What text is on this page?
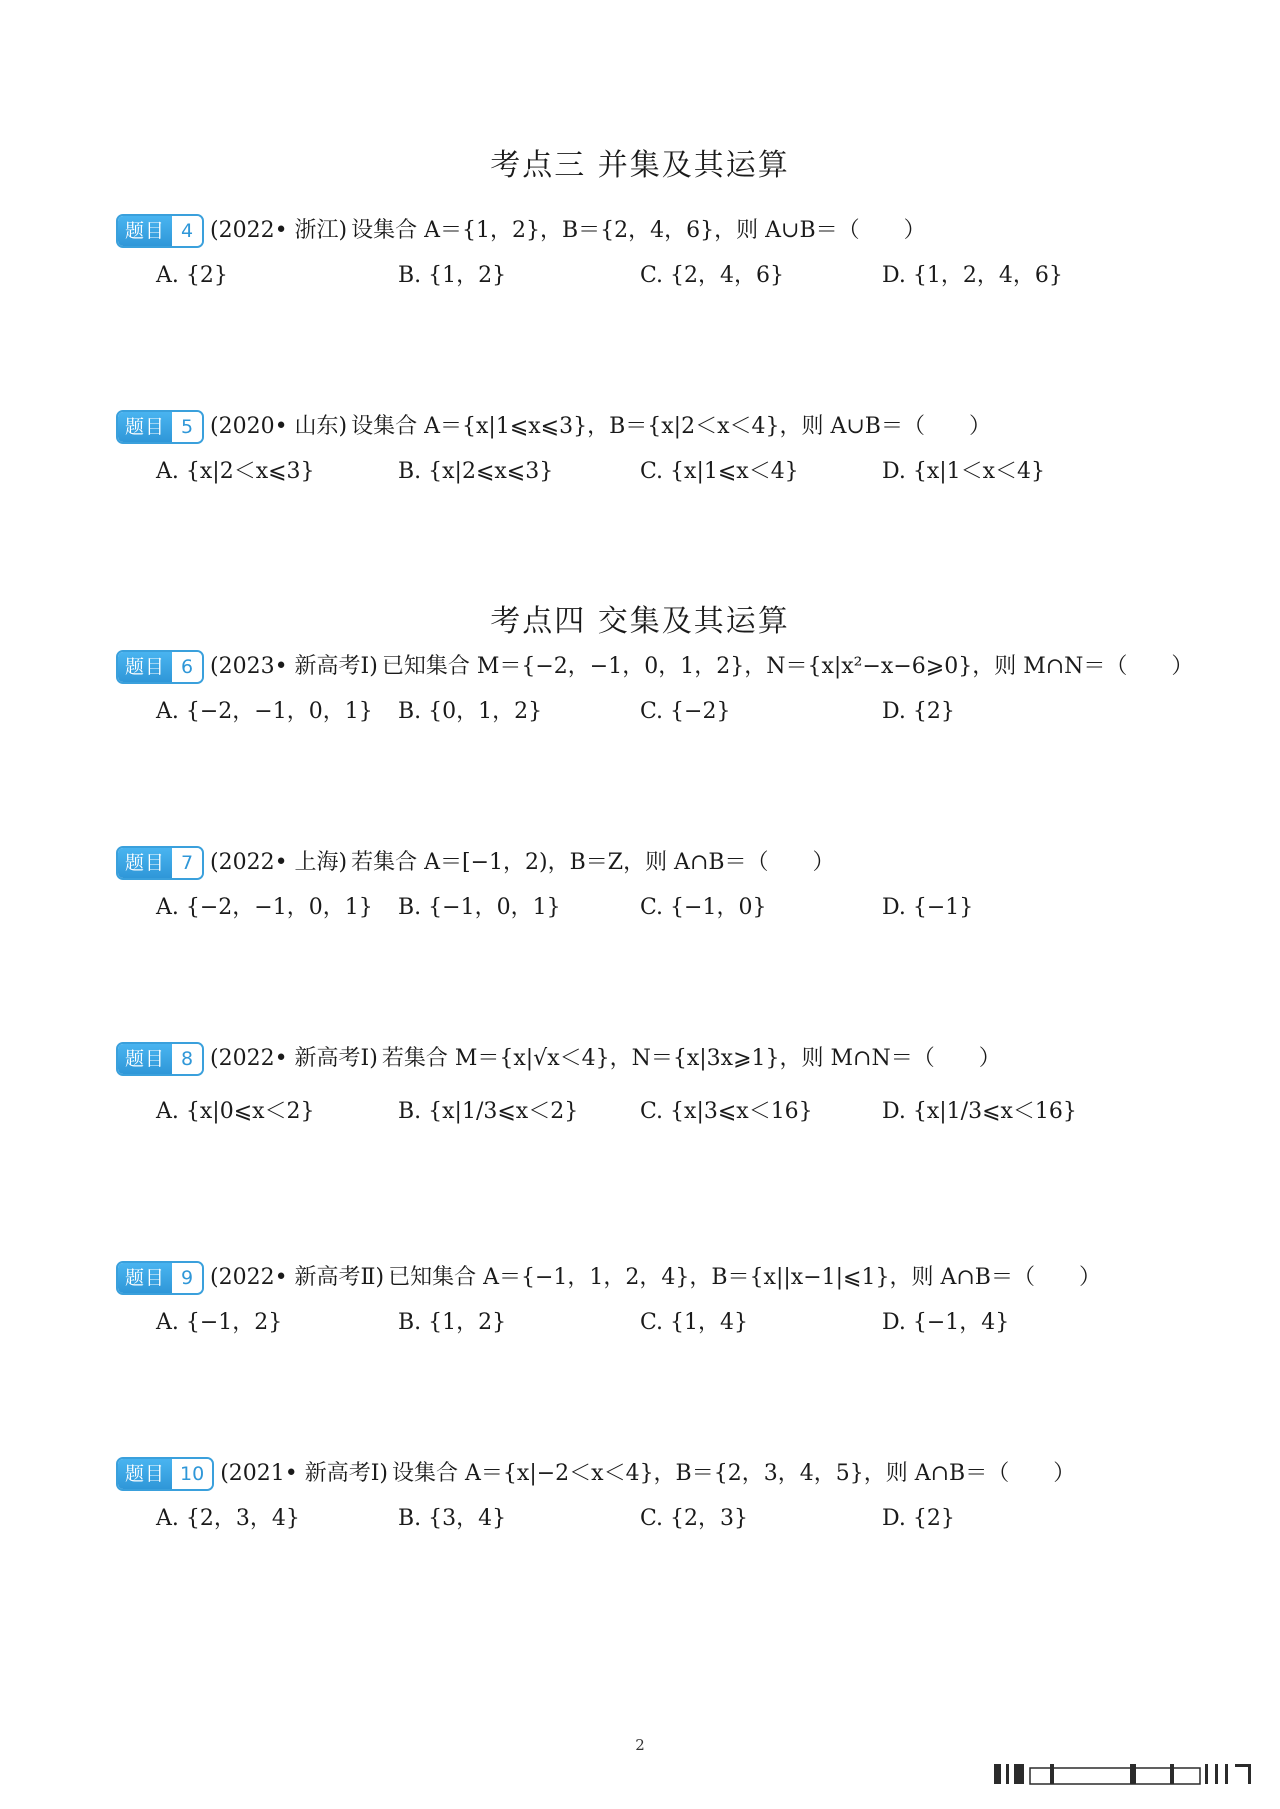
考点三 并集及其运算
题目 4 (2022• 浙江) 设集合 A＝{1，2}，B＝{2，4，6}，则 A∪B＝（　　）
A. {2}	B. {1，2}	C. {2，4，6}	D. {1，2，4，6}
题目 5 (2020• 山东) 设集合 A＝{x|1⩽x⩽3}，B＝{x|2＜x＜4}，则 A∪B＝（　　）
A. {x|2＜x⩽3}	B. {x|2⩽x⩽3}	C. {x|1⩽x＜4}	D. {x|1＜x＜4}
考点四 交集及其运算
题目 6 (2023• 新高考Ⅰ) 已知集合 M＝{−2，−1，0，1，2}，N＝{x|x²−x−6⩾0}，则 M∩N＝（　　）
A. {−2，−1，0，1} B. {0，1，2}	C. {−2}	D. {2}
题目 7 (2022• 上海) 若集合 A＝[−1，2)，B＝Z，则 A∩B＝（　　）
A. {−2，−1，0，1} B. {−1，0，1}	C. {−1，0}	D. {−1}
题目 8 (2022• 新高考Ⅰ) 若集合 M＝{x|√x＜4}，N＝{x|3x⩾1}，则 M∩N＝（　　）
A. {x|0⩽x＜2}	B. {x|1/3⩽x＜2}	C. {x|3⩽x＜16}	D. {x|1/3⩽x＜16}
题目 9 (2022• 新高考Ⅱ) 已知集合 A＝{−1，1，2，4}，B＝{x||x−1|⩽1}，则 A∩B＝（　　）
A. {−1，2}	B. {1，2}	C. {1，4}	D. {−1，4}
题目 10 (2021• 新高考Ⅰ) 设集合 A＝{x|−2＜x＜4}，B＝{2，3，4，5}，则 A∩B＝（　　）
A. {2，3，4}	B. {3，4}	C. {2，3}	D. {2}
2
